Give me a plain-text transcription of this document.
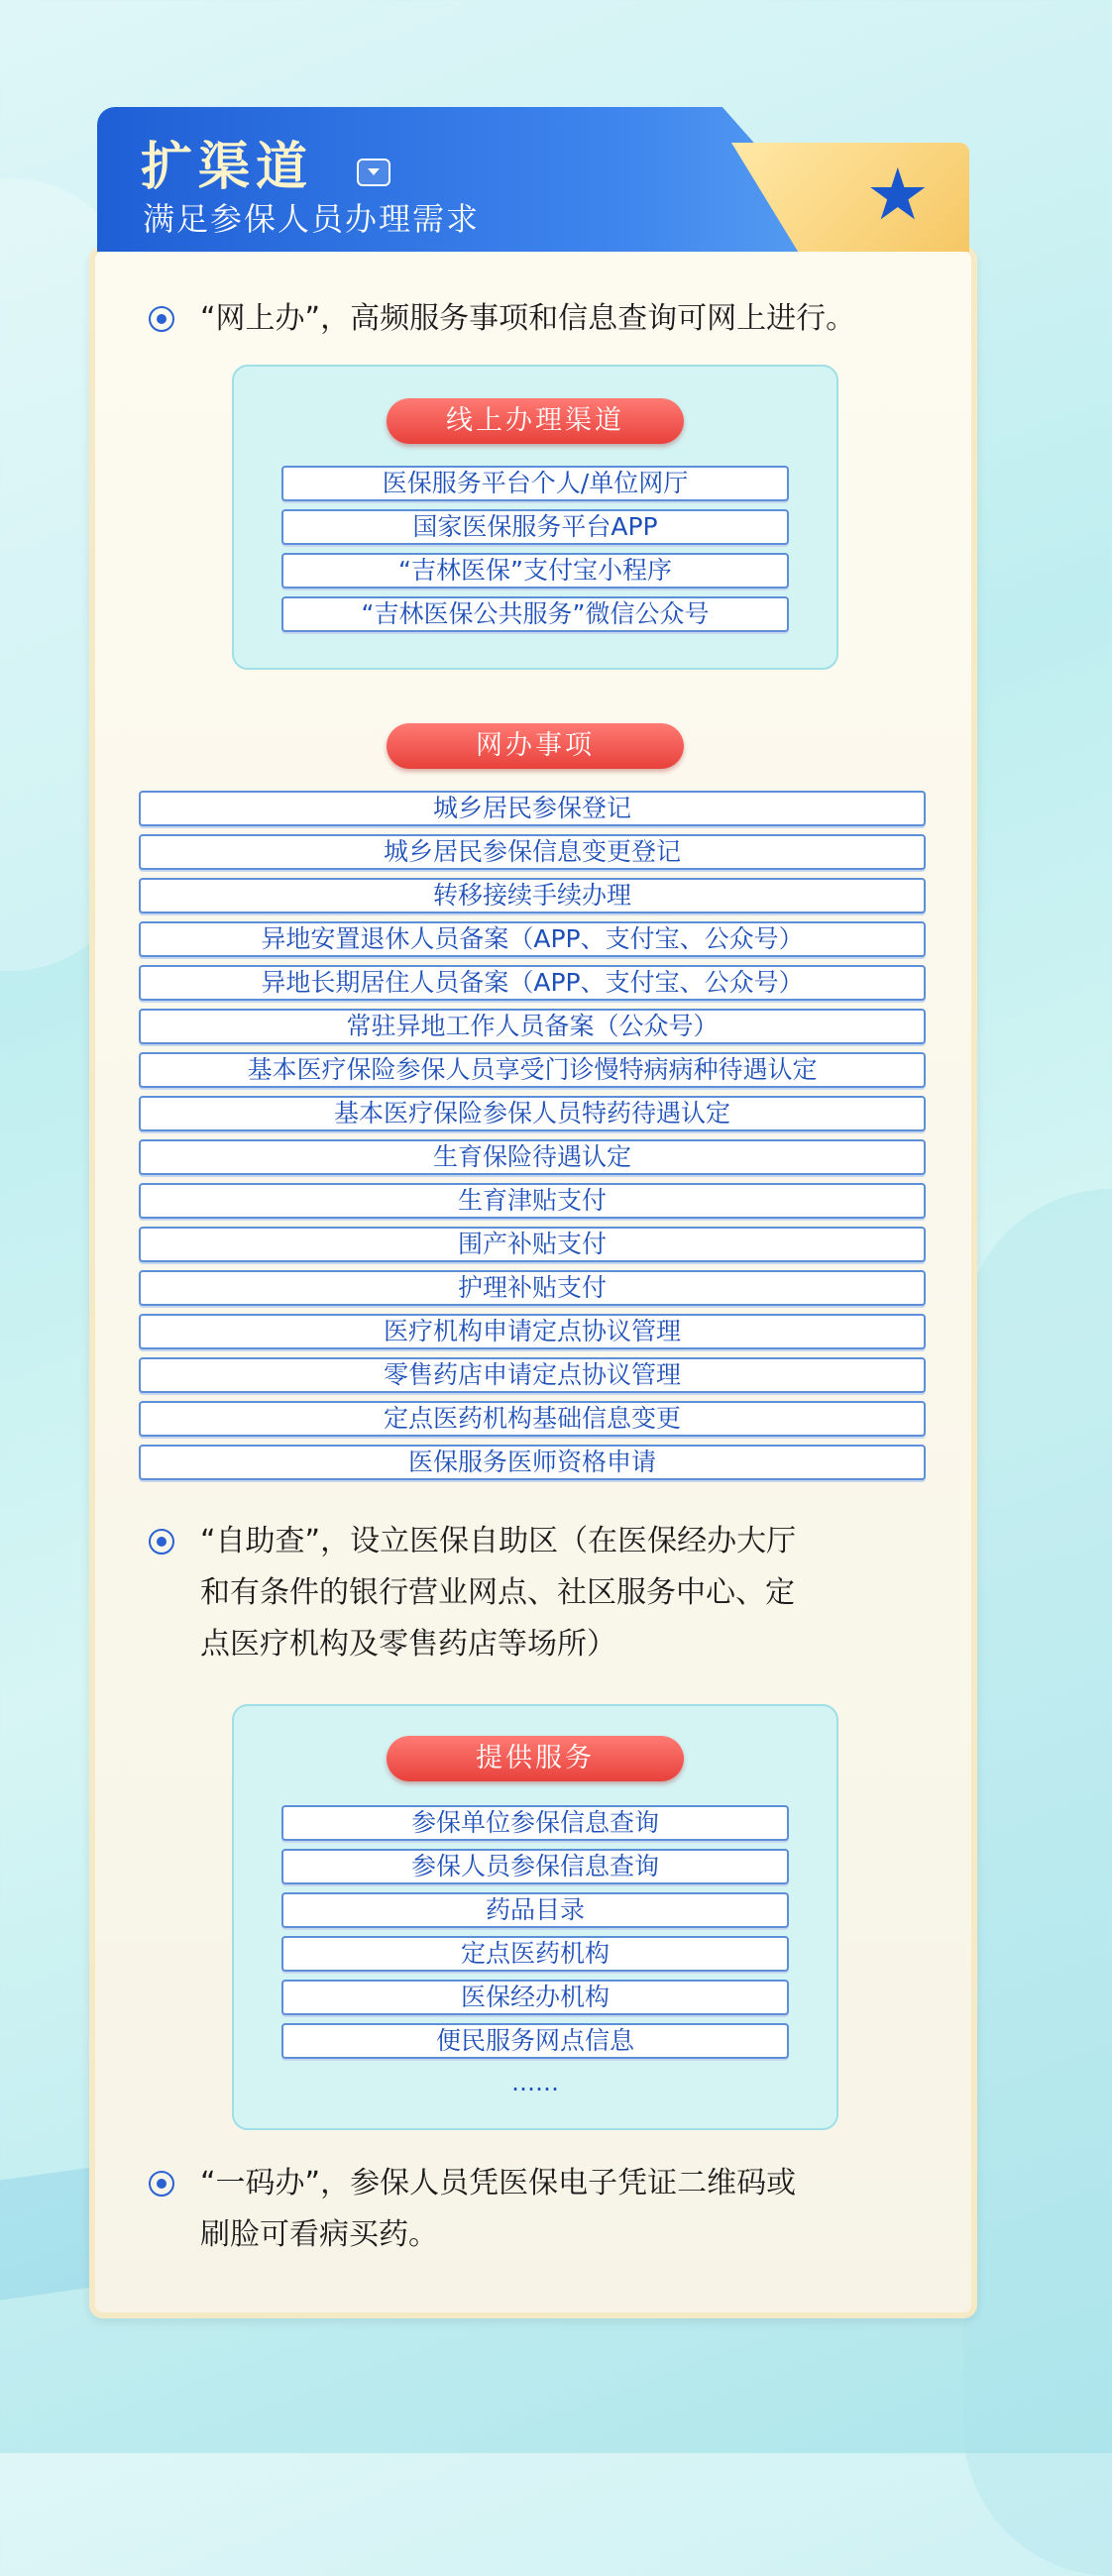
★
扩渠道
满足参保人员办理需求
“网上办”，高频服务事项和信息查询可网上进行。
线上办理渠道
医保服务平台个人/单位网厅
国家医保服务平台APP
“吉林医保”支付宝小程序
“吉林医保公共服务”微信公众号
网办事项
城乡居民参保登记
城乡居民参保信息变更登记
转移接续手续办理
异地安置退休人员备案（APP、支付宝、公众号）
异地长期居住人员备案（APP、支付宝、公众号）
常驻异地工作人员备案（公众号）
基本医疗保险参保人员享受门诊慢特病病种待遇认定
基本医疗保险参保人员特药待遇认定
生育保险待遇认定
生育津贴支付
围产补贴支付
护理补贴支付
医疗机构申请定点协议管理
零售药店申请定点协议管理
定点医药机构基础信息变更
医保服务医师资格申请
“自助查”，设立医保自助区（在医保经办大厅
和有条件的银行营业网点、社区服务中心、定
点医疗机构及零售药店等场所）
提供服务
参保单位参保信息查询
参保人员参保信息查询
药品目录
定点医药机构
医保经办机构
便民服务网点信息
……
“一码办”，参保人员凭医保电子凭证二维码或
刷脸可看病买药。
